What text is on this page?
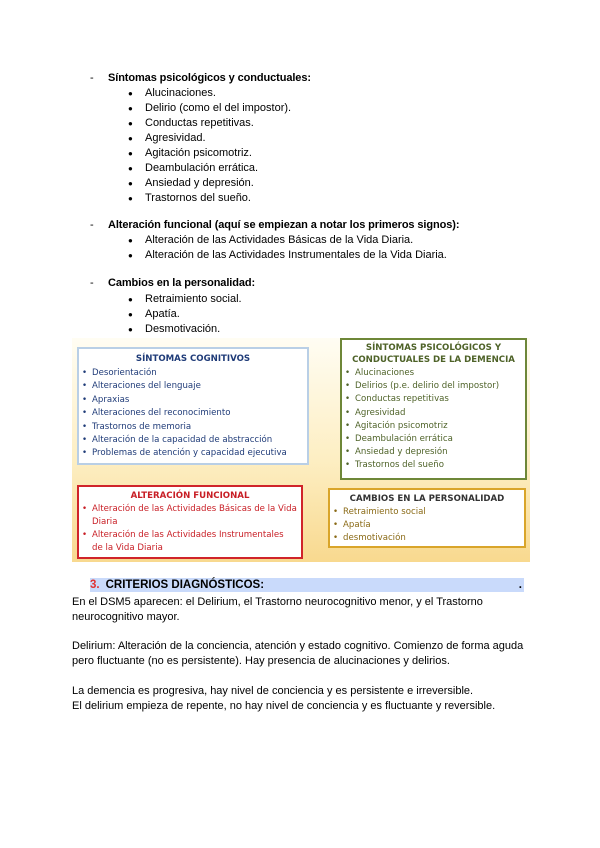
- Síntomas psicológicos y conductuales:
● Alucinaciones.
● Delirio (como el del impostor).
● Conductas repetitivas.
● Agresividad.
● Agitación psicomotriz.
● Deambulación errática.
● Ansiedad y depresión.
● Trastornos del sueño.
- Alteración funcional (aquí se empiezan a notar los primeros signos):
● Alteración de las Actividades Básicas de la Vida Diaria.
● Alteración de las Actividades Instrumentales de la Vida Diaria.
- Cambios en la personalidad:
● Retraimiento social.
● Apatía.
● Desmotivación.
SÍNTOMAS COGNITIVOS
• Desorientación
• Alteraciones del lenguaje
• Apraxias
• Alteraciones del reconocimiento
• Trastornos de memoria
• Alteración de la capacidad de abstracción
• Problemas de atención y capacidad ejecutiva
SÍNTOMAS PSICOLÓGICOS Y CONDUCTUALES DE LA DEMENCIA
• Alucinaciones
• Delirios (p.e. delirio del impostor)
• Conductas repetitivas
• Agresividad
• Agitación psicomotriz
• Deambulación errática
• Ansiedad y depresión
• Trastornos del sueño
ALTERACIÓN FUNCIONAL
• Alteración de las Actividades Básicas de la Vida Diaria
• Alteración de las Actividades Instrumentales de la Vida Diaria
CAMBIOS EN LA PERSONALIDAD
• Retraimiento social
• Apatía
• desmotivación
3. CRITERIOS DIAGNÓSTICOS:	.

En el DSM5 aparecen: el Delirium, el Trastorno neurocognitivo menor, y el Trastorno neurocognitivo mayor.

Delirium: Alteración de la conciencia, atención y estado cognitivo. Comienzo de forma aguda pero fluctuante (no es persistente). Hay presencia de alucinaciones y delirios.

La demencia es progresiva, hay nivel de conciencia y es persistente e irreversible.

El delirium empieza de repente, no hay nivel de conciencia y es fluctuante y reversible.
